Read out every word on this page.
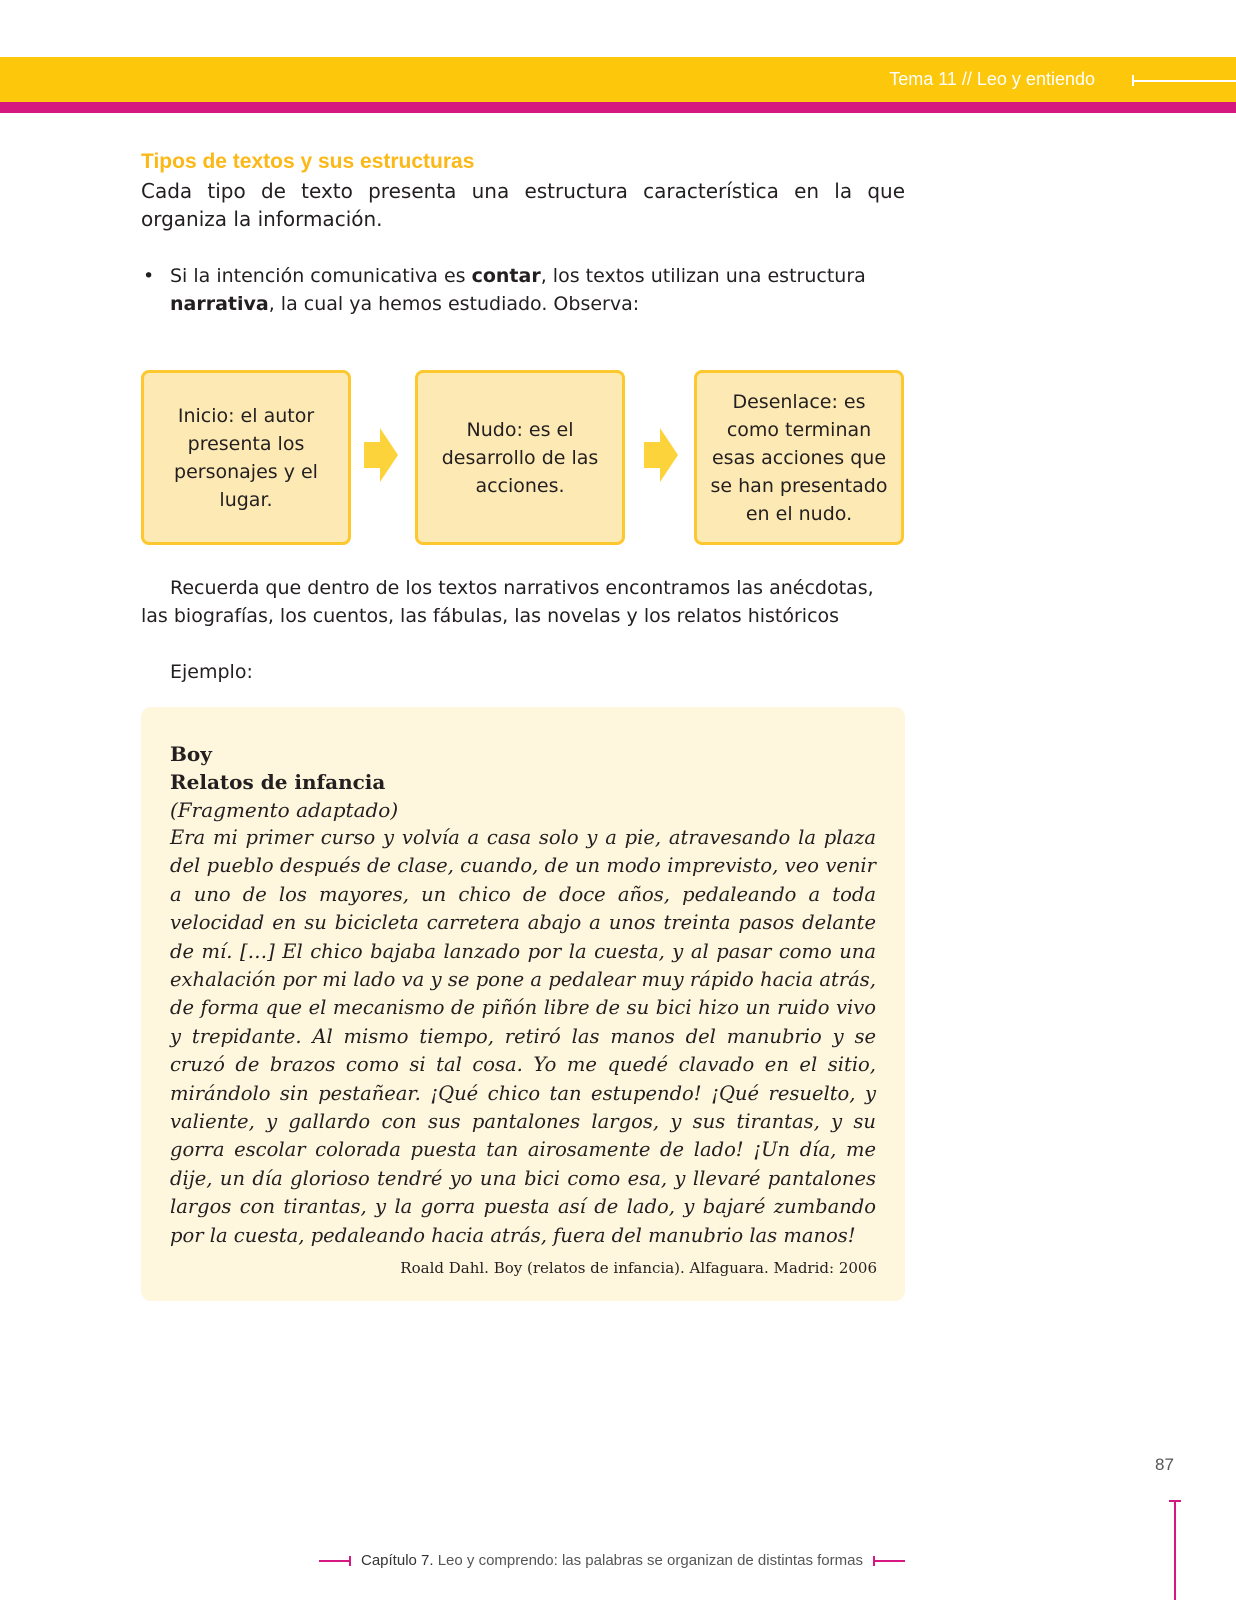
Tema 11 // Leo y entiendo
Tipos de textos y sus estructuras
Cada tipo de texto presenta una estructura característica en la que organiza la información.
• Si la intención comunicativa es contar, los textos utilizan una estructura narrativa, la cual ya hemos estudiado. Observa:
Inicio: el autor presenta los personajes y el lugar.
Nudo: es el desarrollo de las acciones.
Desenlace: es como terminan esas acciones que se han presentado en el nudo.
Recuerda que dentro de los textos narrativos encontramos las anécdotas, las biografías, los cuentos, las fábulas, las novelas y los relatos históricos
Ejemplo:
Boy
Relatos de infancia
(Fragmento adaptado)
Era mi primer curso y volvía a casa solo y a pie, atravesando la plaza del pueblo después de clase, cuando, de un modo imprevisto, veo venir a uno de los mayores, un chico de doce años, pedaleando a toda velocidad en su bicicleta carretera abajo a unos treinta pasos delante de mí. […] El chico bajaba lanzado por la cuesta, y al pasar como una exhalación por mi lado va y se pone a pedalear muy rápido hacia atrás, de forma que el mecanismo de piñón libre de su bici hizo un ruido vivo y trepidante. Al mismo tiempo, retiró las manos del manubrio y se cruzó de brazos como si tal cosa. Yo me quedé clavado en el sitio, mirándolo sin pestañear. ¡Qué chico tan estupendo! ¡Qué resuelto, y valiente, y gallardo con sus pantalones largos, y sus tirantas, y su gorra escolar colorada puesta tan airosamente de lado! ¡Un día, me dije, un día glorioso tendré yo una bici como esa, y llevaré pantalones largos con tirantas, y la gorra puesta así de lado, y bajaré zumbando por la cuesta, pedaleando hacia atrás, fuera del manubrio las manos!
Roald Dahl. Boy (relatos de infancia). Alfaguara. Madrid: 2006
87
Capítulo 7. Leo y comprendo: las palabras se organizan de distintas formas
